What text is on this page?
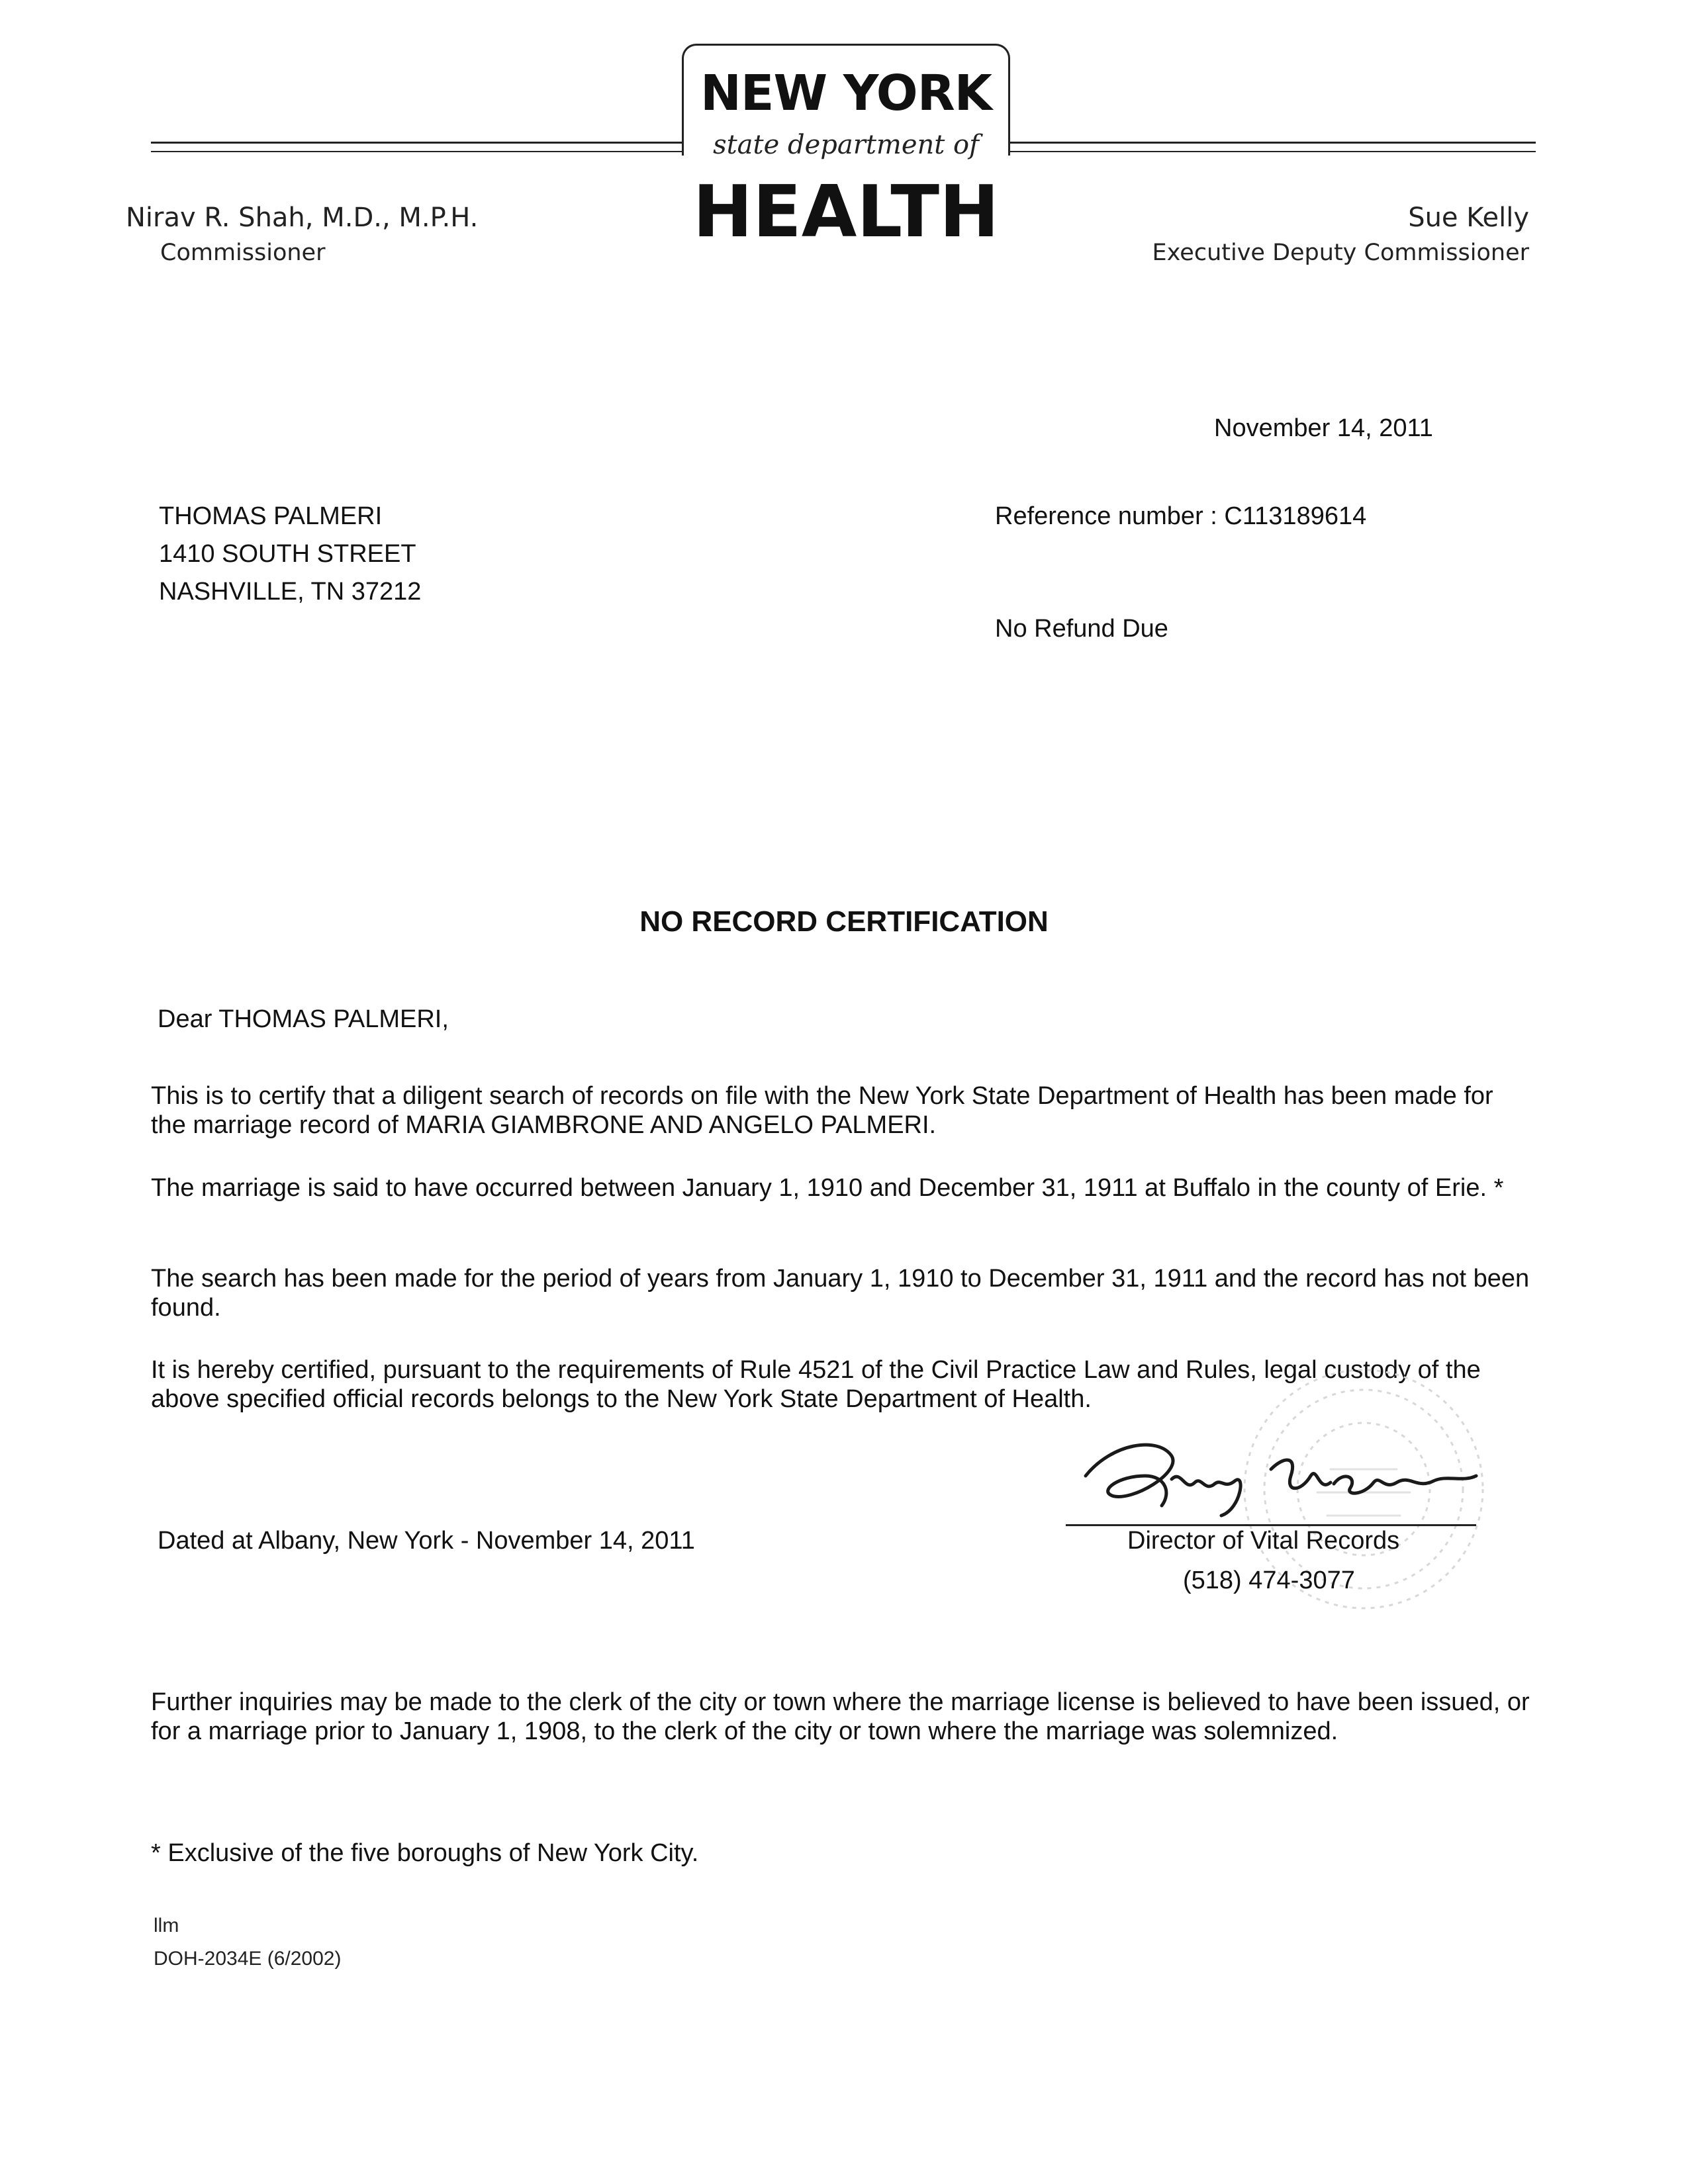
NEW YORK
state department of
HEALTH
Nirav R. Shah, M.D., M.P.H.
Commissioner
Sue Kelly
Executive Deputy Commissioner
November 14, 2011
THOMAS PALMERI
1410 SOUTH STREET
NASHVILLE, TN 37212
Reference number : C113189614
No Refund Due
NO RECORD CERTIFICATION
Dear THOMAS PALMERI,
This is to certify that a diligent search of records on file with the New York State Department of Health has been made for the marriage record of MARIA GIAMBRONE AND ANGELO PALMERI.
The marriage is said to have occurred between January 1, 1910 and December 31, 1911 at Buffalo in the county of Erie. *
The search has been made for the period of years from January 1, 1910 to December 31, 1911 and the record has not been found.
It is hereby certified, pursuant to the requirements of Rule 4521 of the Civil Practice Law and Rules, legal custody of the above specified official records belongs to the New York State Department of Health.
Dated at Albany, New York - November 14, 2011	Director of Vital Records
(518) 474-3077
Further inquiries may be made to the clerk of the city or town where the marriage license is believed to have been issued, or for a marriage prior to January 1, 1908, to the clerk of the city or town where the marriage was solemnized.
* Exclusive of the five boroughs of New York City.
llm
DOH-2034E (6/2002)
